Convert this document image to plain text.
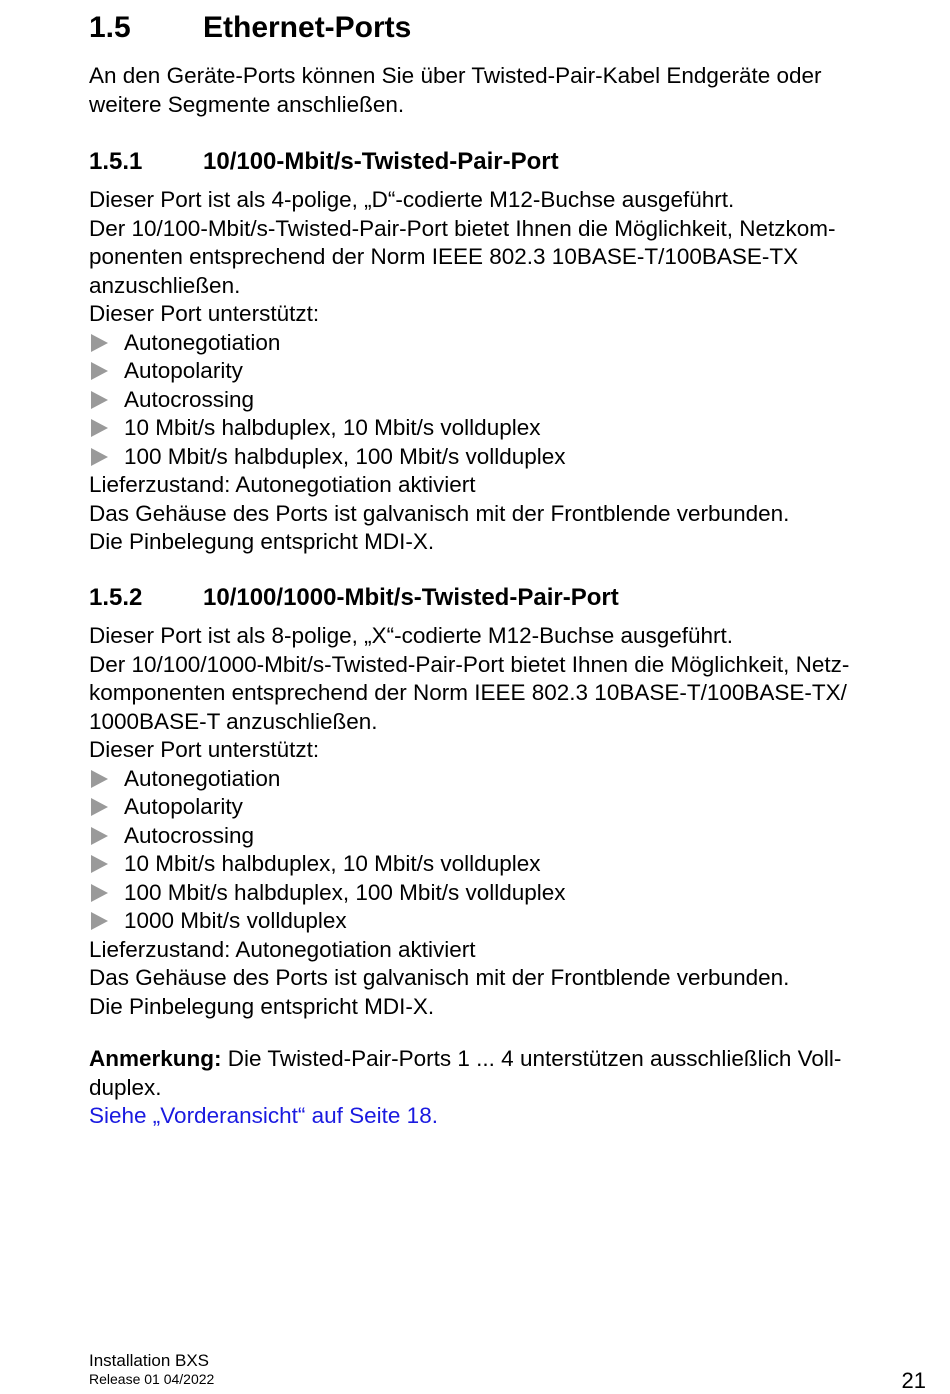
1.5 Ethernet-Ports
An den Geräte-Ports können Sie über Twisted-Pair-Kabel Endgeräte oder
weitere Segmente anschließen.
1.5.1	10/100-Mbit/s-Twisted-Pair-Port
Dieser Port ist als 4-polige, „D“-codierte M12-Buchse ausgeführt.
Der 10/100-Mbit/s-Twisted-Pair-Port bietet Ihnen die Möglichkeit, Netzkom-
ponenten entsprechend der Norm IEEE 802.3 10BASE-T/100BASE-TX
anzuschließen.
Dieser Port unterstützt:
Autonegotiation
Autopolarity
Autocrossing
10 Mbit/s halbduplex, 10 Mbit/s vollduplex
100 Mbit/s halbduplex, 100 Mbit/s vollduplex
Lieferzustand: Autonegotiation aktiviert
Das Gehäuse des Ports ist galvanisch mit der Frontblende verbunden.
Die Pinbelegung entspricht MDI-X.
1.5.2	10/100/1000-Mbit/s-Twisted-Pair-Port
Dieser Port ist als 8-polige, „X“-codierte M12-Buchse ausgeführt.
Der 10/100/1000-Mbit/s-Twisted-Pair-Port bietet Ihnen die Möglichkeit, Netz-
komponenten entsprechend der Norm IEEE 802.3 10BASE-T/100BASE-TX/
1000BASE-T anzuschließen.
Dieser Port unterstützt:
Autonegotiation
Autopolarity
Autocrossing
10 Mbit/s halbduplex, 10 Mbit/s vollduplex
100 Mbit/s halbduplex, 100 Mbit/s vollduplex
1000 Mbit/s vollduplex
Lieferzustand: Autonegotiation aktiviert
Das Gehäuse des Ports ist galvanisch mit der Frontblende verbunden.
Die Pinbelegung entspricht MDI-X.
Anmerkung: Die Twisted-Pair-Ports 1 ... 4 unterstützen ausschließlich Voll-
duplex.
Siehe „Vorderansicht“ auf Seite 18.
Installation BXS
Release 01 04/2022	21
